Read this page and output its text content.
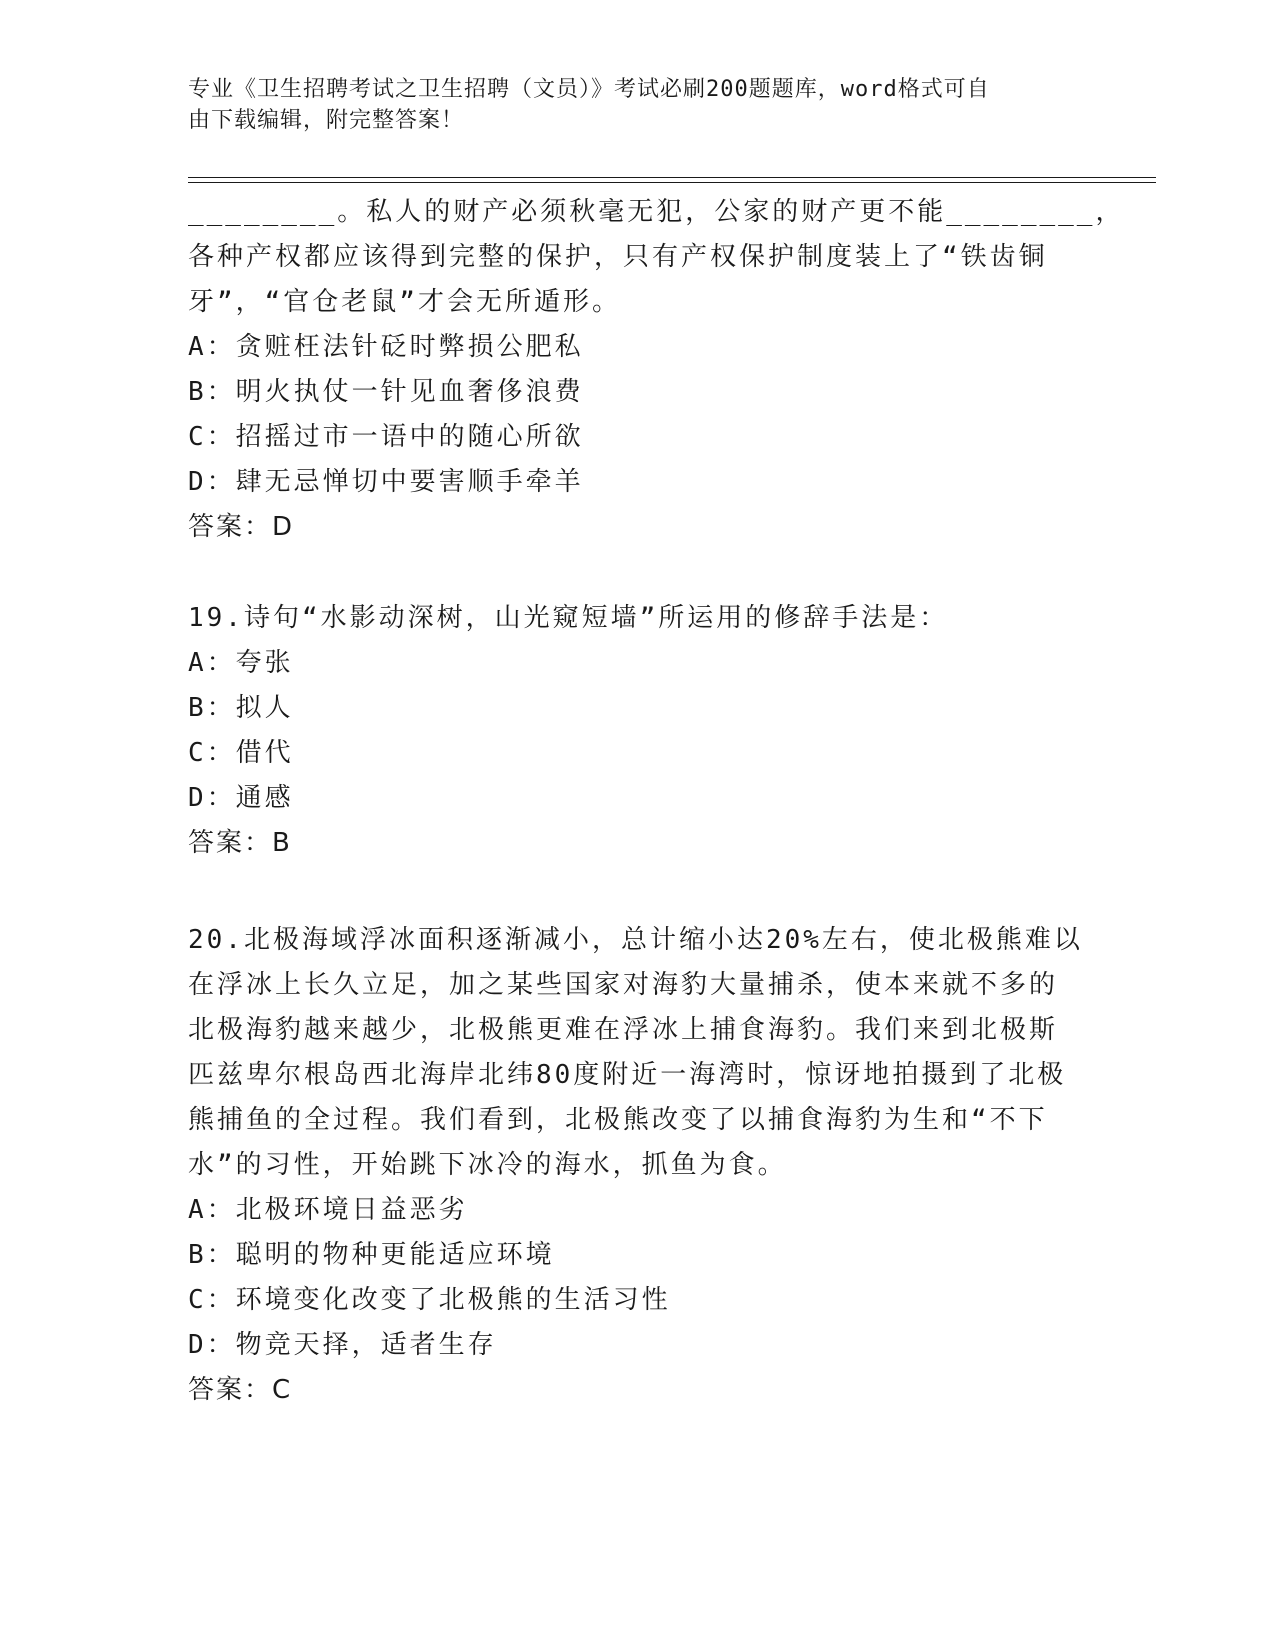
专业《卫生招聘考试之卫生招聘（文员）》考试必刷200题题库，word格式可自
由下载编辑，附完整答案！
________。私人的财产必须秋毫无犯，公家的财产更不能________，
各种产权都应该得到完整的保护，只有产权保护制度装上了“铁齿铜
牙”，“官仓老鼠”才会无所遁形。
A：贪赃枉法针砭时弊损公肥私
B：明火执仗一针见血奢侈浪费
C：招摇过市一语中的随心所欲
D：肆无忌惮切中要害顺手牵羊
答案：D
19.诗句“水影动深树，山光窥短墙”所运用的修辞手法是：
A：夸张
B：拟人
C：借代
D：通感
答案：B
20.北极海域浮冰面积逐渐减小，总计缩小达20%左右，使北极熊难以
在浮冰上长久立足，加之某些国家对海豹大量捕杀，使本来就不多的
北极海豹越来越少，北极熊更难在浮冰上捕食海豹。我们来到北极斯
匹兹卑尔根岛西北海岸北纬80度附近一海湾时，惊讶地拍摄到了北极
熊捕鱼的全过程。我们看到，北极熊改变了以捕食海豹为生和“不下
水”的习性，开始跳下冰冷的海水，抓鱼为食。
A：北极环境日益恶劣
B：聪明的物种更能适应环境
C：环境变化改变了北极熊的生活习性
D：物竞天择，适者生存
答案：C
